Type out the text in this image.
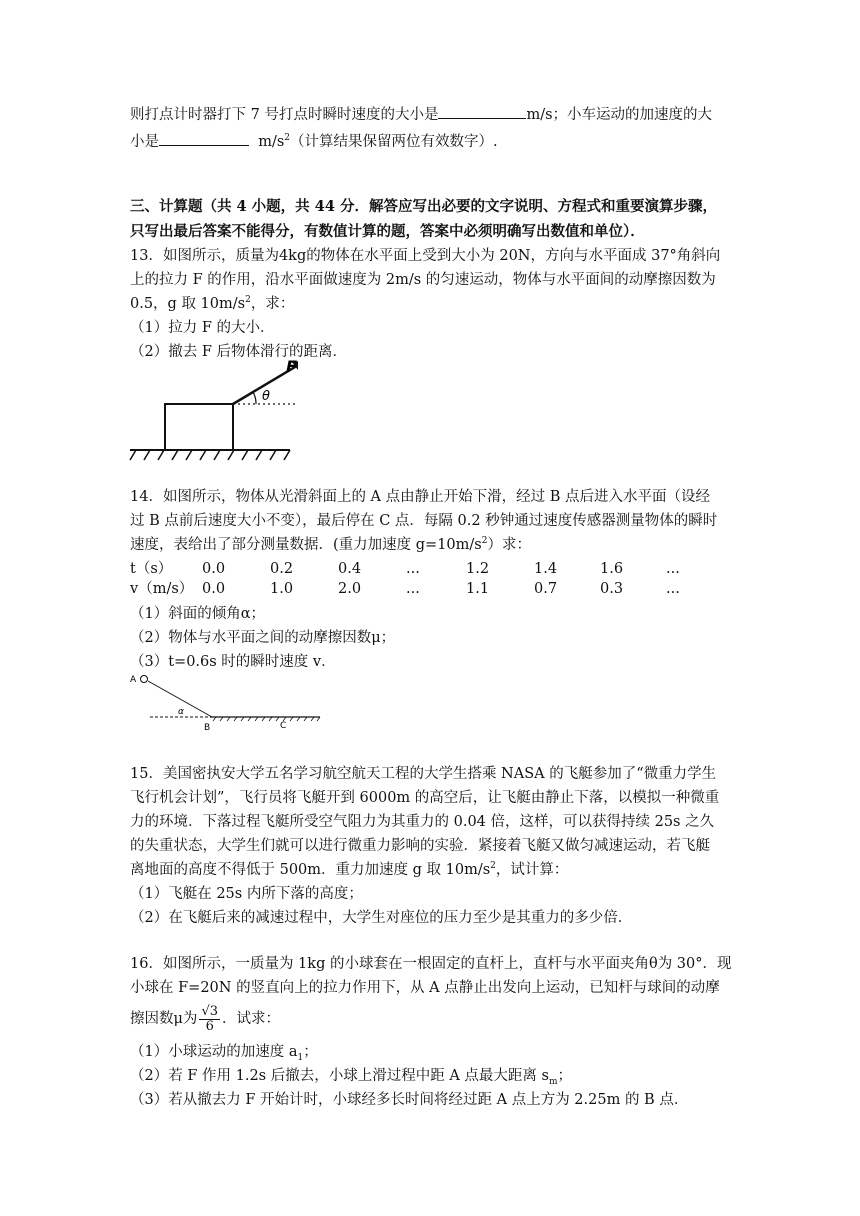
则打点计时器打下 7 号打点时瞬时速度的大小是	m/s；小车运动的加速度的大
小是	$m/s^2$（计算结果保留两位有效数字）.
三、计算题（共 4 小题，共 44 分．解答应写出必要的文字说明、方程式和重要演算步骤，
只写出最后答案不能得分，有数值计算的题，答案中必须明确写出数值和单位）．
13．如图所示，质量为4kg的物体在水平面上受到大小为 20N，方向与水平面成 37°角斜向
上的拉力 F 的作用，沿水平面做速度为 2m/s 的匀速运动，物体与水平面间的动摩擦因数为
0.5，g 取 $10m/s^2$，求：
（1）拉力 F 的大小．
（2）撤去 F 后物体滑行的距离．
θ
F
14．如图所示，物体从光滑斜面上的 A 点由静止开始下滑，经过 B 点后进入水平面（设经
过 B 点前后速度大小不变），最后停在 C 点．每隔 0.2 秒钟通过速度传感器测量物体的瞬时
速度，表给出了部分测量数据．(重力加速度 $g=10m/s^2$）求：
t（s） 0.0	0.2	0.4	...	1.2	1.4	1.6	...
v（m/s） 0.0	1.0	2.0	...	1.1	0.7	0.3	...
（1）斜面的倾角α；
（2）物体与水平面之间的动摩擦因数μ；
（3）t=0.6s 时的瞬时速度 v．
A
α
B	C
15．美国密执安大学五名学习航空航天工程的大学生搭乘 NASA 的飞艇参加了“微重力学生
飞行机会计划”，飞行员将飞艇开到 6000m 的高空后，让飞艇由静止下落，以模拟一种微重
力的环境．下落过程飞艇所受空气阻力为其重力的 0.04 倍，这样，可以获得持续 25s 之久
的失重状态，大学生们就可以进行微重力影响的实验．紧接着飞艇又做匀减速运动，若飞艇
离地面的高度不得低于 500m．重力加速度 g 取 $10m/s^2$，试计算：
（1）飞艇在 25s 内所下落的高度；
（2）在飞艇后来的减速过程中，大学生对座位的压力至少是其重力的多少倍．
16．如图所示，一质量为 1kg 的小球套在一根固定的直杆上，直杆与水平面夹角θ为 30°．现
小球在 F=20N 的竖直向上的拉力作用下，从 A 点静止出发向上运动，已知杆与球间的动摩
擦因数μ为 $\frac{√3}{6}$ ．试求：
（1）小球运动的加速度 $a_1$；
（2）若 F 作用 1.2s 后撤去，小球上滑过程中距 A 点最大距离 $s_m$；
（3）若从撤去力 F 开始计时，小球经多长时间将经过距 A 点上方为 2.25m 的 B 点．
